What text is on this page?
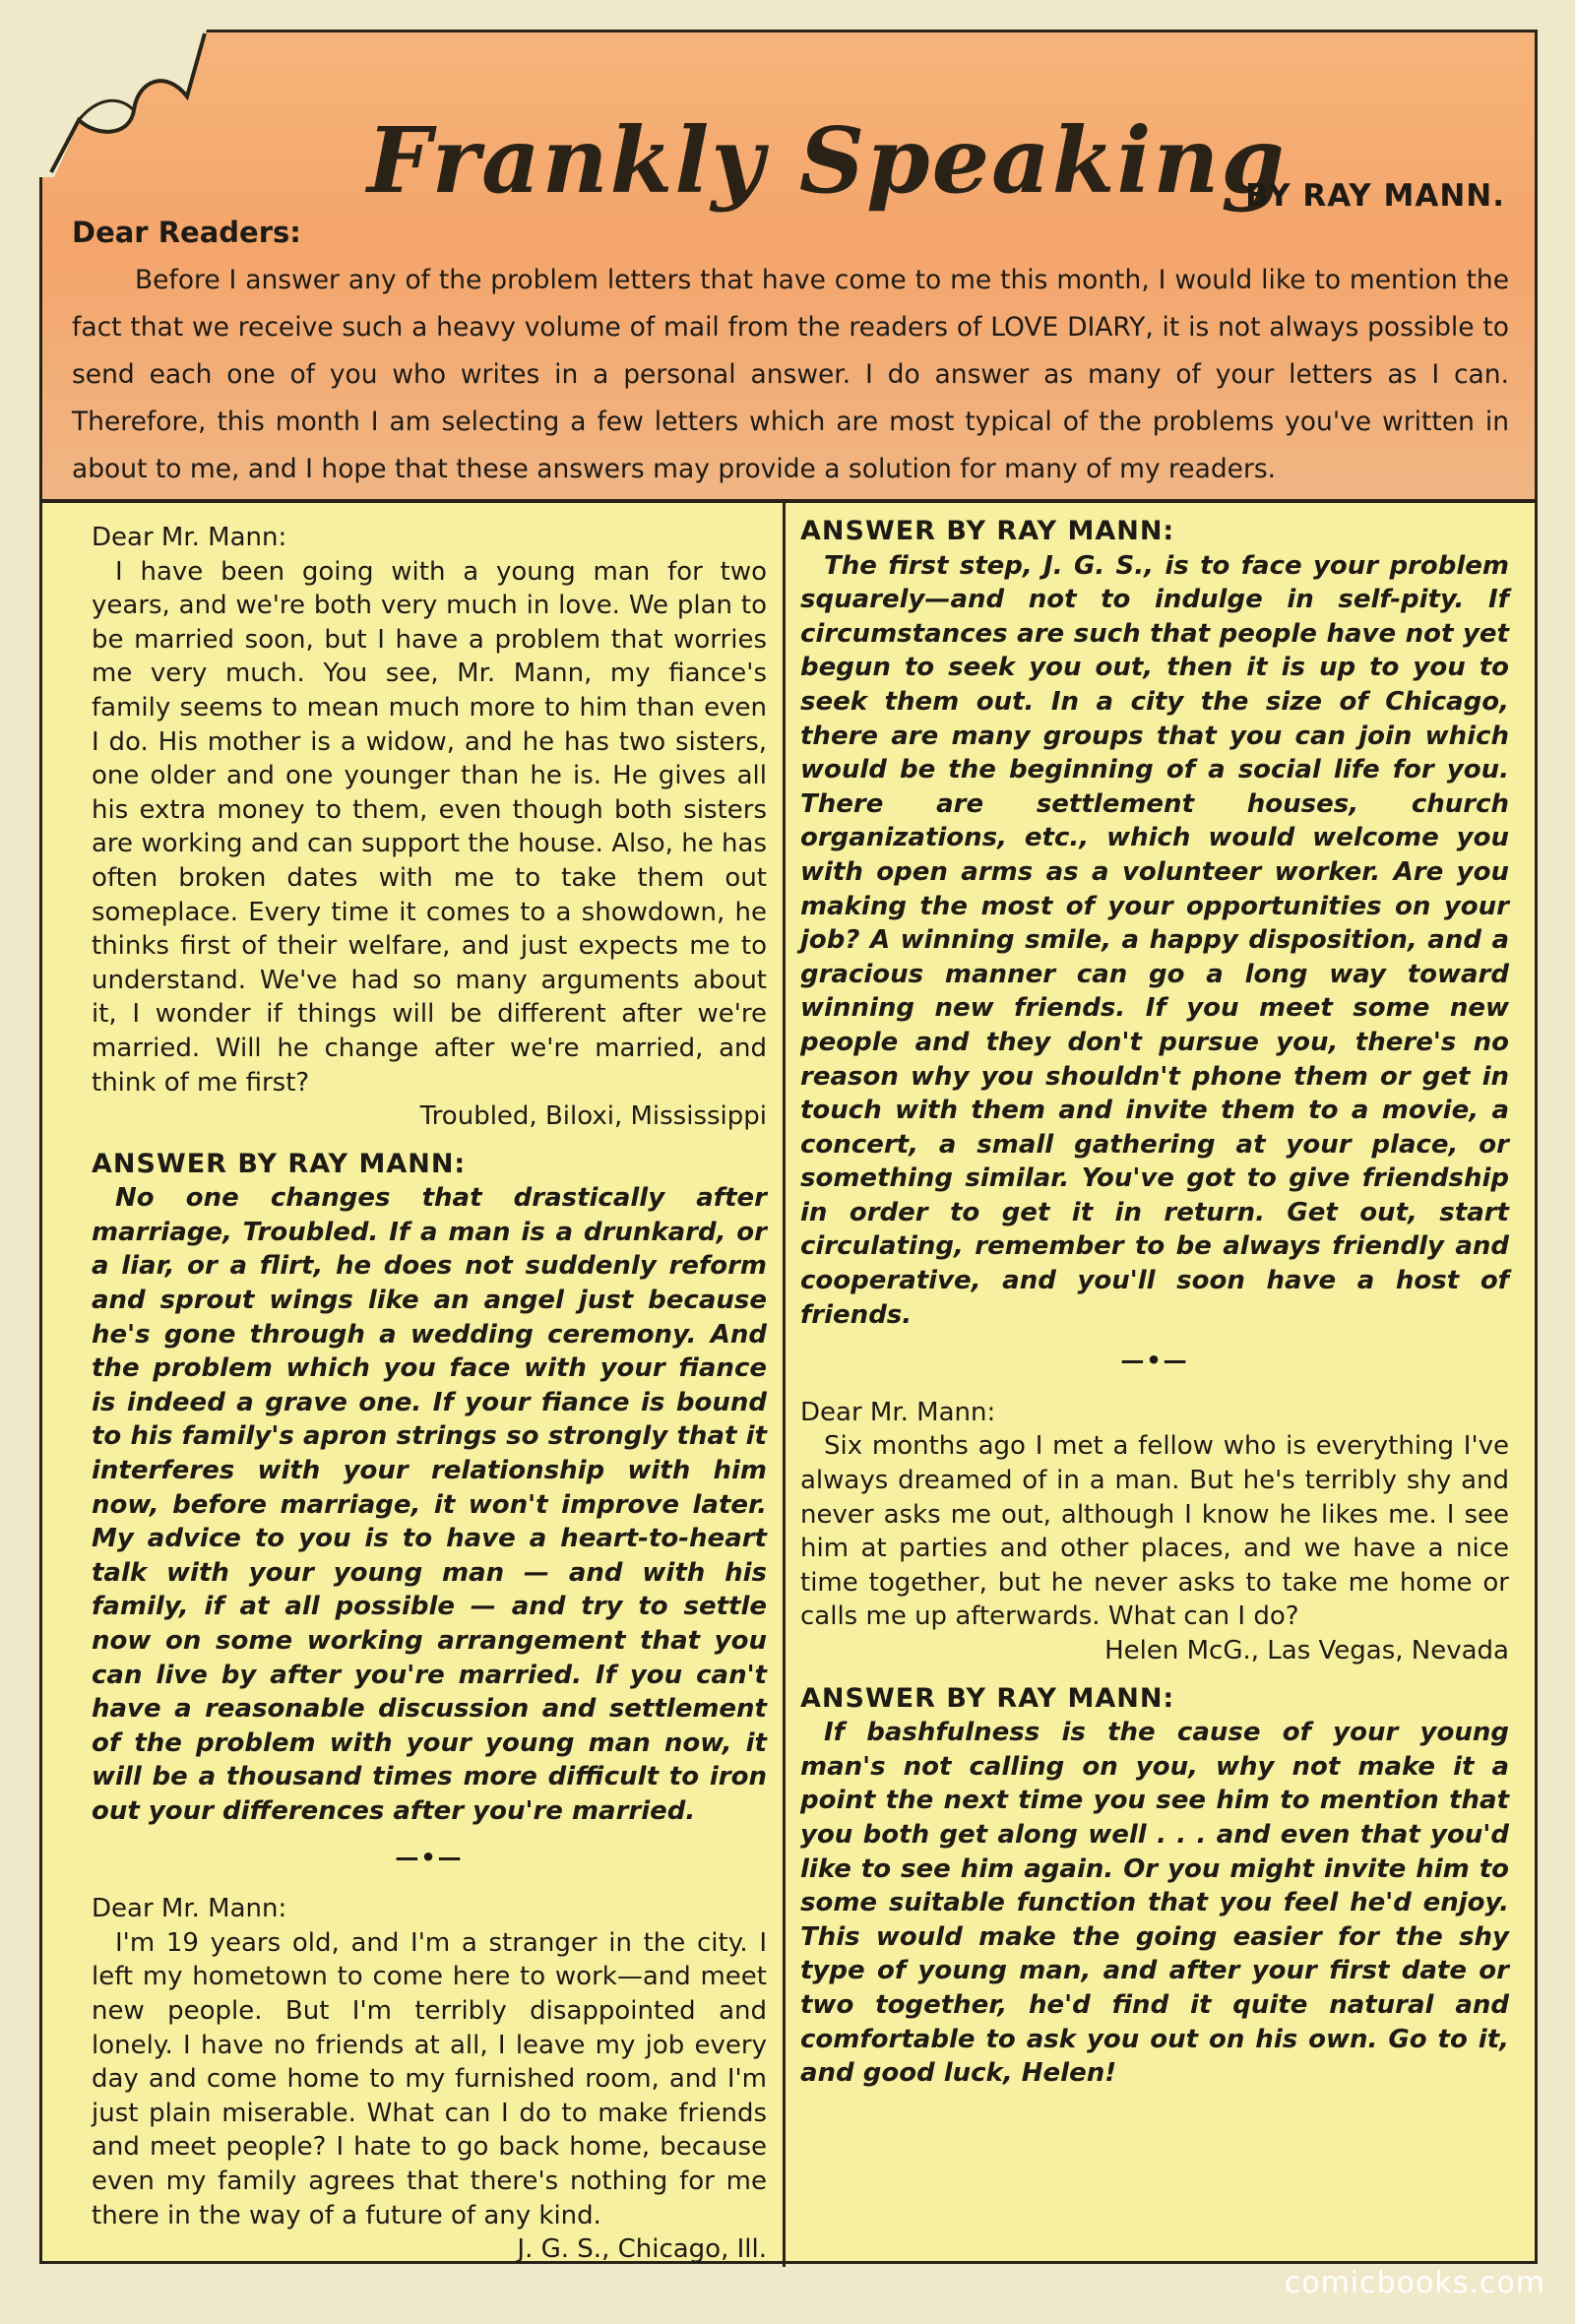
Frankly Speaking
BY RAY MANN.
Dear Readers:

Before I answer any of the problem letters that have come to me this month, I would like to mention the fact that we receive such a heavy volume of mail from the readers of LOVE DIARY, it is not always possible to send each one of you who writes in a personal answer. I do answer as many of your letters as I can. Therefore, this month I am selecting a few letters which are most typical of the problems you've written in about to me, and I hope that these answers may provide a solution for many of my readers.

Dear Mr. Mann:

I have been going with a young man for two years, and we're both very much in love. We plan to be married soon, but I have a problem that worries me very much. You see, Mr. Mann, my fiance's family seems to mean much more to him than even I do. His mother is a widow, and he has two sisters, one older and one younger than he is. He gives all his extra money to them, even though both sisters are working and can support the house. Also, he has often broken dates with me to take them out someplace. Every time it comes to a showdown, he thinks first of their welfare, and just expects me to understand. We've had so many arguments about it, I wonder if things will be different after we're married. Will he change after we're married, and think of me first?

Troubled, Biloxi, Mississippi

ANSWER BY RAY MANN:

No one changes that drastically after marriage, Troubled. If a man is a drunkard, or a liar, or a flirt, he does not suddenly reform and sprout wings like an angel just because he's gone through a wedding ceremony. And the problem which you face with your fiance is indeed a grave one. If your fiance is bound to his family's apron strings so strongly that it interferes with your relationship with him now, before marriage, it won't improve later. My advice to you is to have a heart-to-heart talk with your young man — and with his family, if at all possible — and try to settle now on some working arrangement that you can live by after you're married. If you can't have a reasonable discussion and settlement of the problem with your young man now, it will be a thousand times more difficult to iron out your differences after you're married.

—•—

Dear Mr. Mann:

I'm 19 years old, and I'm a stranger in the city. I left my hometown to come here to work—and meet new people. But I'm terribly disappointed and lonely. I have no friends at all, I leave my job every day and come home to my furnished room, and I'm just plain miserable. What can I do to make friends and meet people? I hate to go back home, because even my family agrees that there's nothing for me there in the way of a future of any kind.

J. G. S., Chicago, Ill.

ANSWER BY RAY MANN:

The first step, J. G. S., is to face your problem squarely—and not to indulge in self-pity. If circumstances are such that people have not yet begun to seek you out, then it is up to you to seek them out. In a city the size of Chicago, there are many groups that you can join which would be the beginning of a social life for you. There are settlement houses, church organizations, etc., which would welcome you with open arms as a volunteer worker. Are you making the most of your opportunities on your job? A winning smile, a happy disposition, and a gracious manner can go a long way toward winning new friends. If you meet some new people and they don't pursue you, there's no reason why you shouldn't phone them or get in touch with them and invite them to a movie, a concert, a small gathering at your place, or something similar. You've got to give friendship in order to get it in return. Get out, start circulating, remember to be always friendly and cooperative, and you'll soon have a host of friends.

—•—

Dear Mr. Mann:

Six months ago I met a fellow who is everything I've always dreamed of in a man. But he's terribly shy and never asks me out, although I know he likes me. I see him at parties and other places, and we have a nice time together, but he never asks to take me home or calls me up afterwards. What can I do?

Helen McG., Las Vegas, Nevada

ANSWER BY RAY MANN:

If bashfulness is the cause of your young man's not calling on you, why not make it a point the next time you see him to mention that you both get along well . . . and even that you'd like to see him again. Or you might invite him to some suitable function that you feel he'd enjoy. This would make the going easier for the shy type of young man, and after your first date or two together, he'd find it quite natural and comfortable to ask you out on his own. Go to it, and good luck, Helen!

comicbooks.com
